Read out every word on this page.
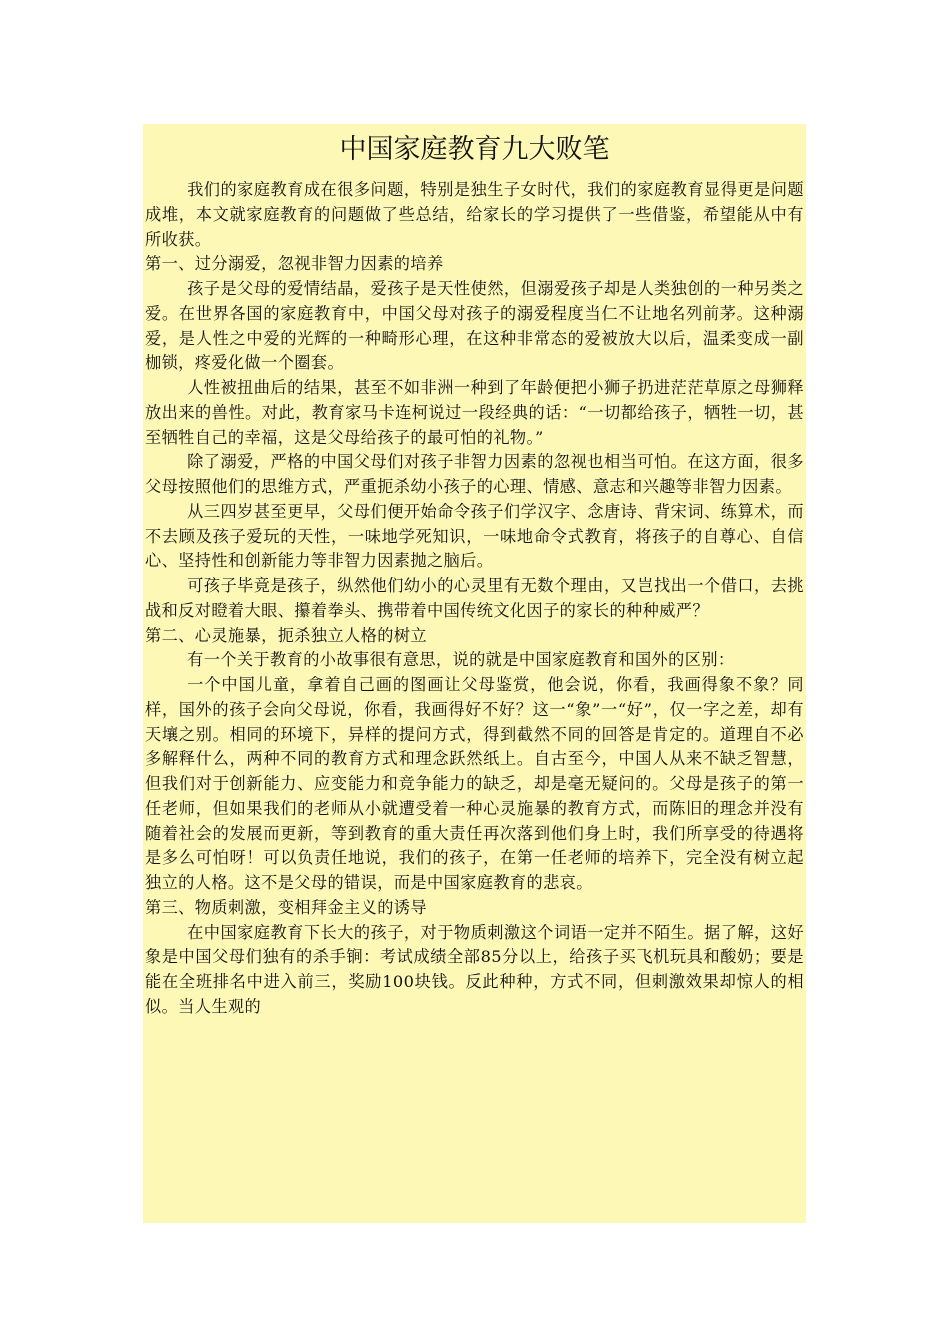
中国家庭教育九大败笔

我们的家庭教育成在很多问题，特别是独生子女时代，我们的家庭教育显得更是问题成堆，本文就家庭教育的问题做了些总结，给家长的学习提供了一些借鉴，希望能从中有所收获。

第一、过分溺爱，忽视非智力因素的培养

孩子是父母的爱情结晶，爱孩子是天性使然，但溺爱孩子却是人类独创的一种另类之爱。在世界各国的家庭教育中，中国父母对孩子的溺爱程度当仁不让地名列前茅。这种溺爱，是人性之中爱的光辉的一种畸形心理，在这种非常态的爱被放大以后，温柔变成一副枷锁，疼爱化做一个圈套。

人性被扭曲后的结果，甚至不如非洲一种到了年龄便把小狮子扔进茫茫草原之母狮释放出来的兽性。对此，教育家马卡连柯说过一段经典的话：“一切都给孩子，牺牲一切，甚至牺牲自己的幸福，这是父母给孩子的最可怕的礼物。”

除了溺爱，严格的中国父母们对孩子非智力因素的忽视也相当可怕。在这方面，很多父母按照他们的思维方式，严重扼杀幼小孩子的心理、情感、意志和兴趣等非智力因素。

从三四岁甚至更早，父母们便开始命令孩子们学汉字、念唐诗、背宋词、练算术，而不去顾及孩子爱玩的天性，一味地学死知识，一味地命令式教育，将孩子的自尊心、自信心、坚持性和创新能力等非智力因素抛之脑后。

可孩子毕竟是孩子，纵然他们幼小的心灵里有无数个理由，又岂找出一个借口，去挑战和反对瞪着大眼、攥着拳头、携带着中国传统文化因子的家长的种种威严？

第二、心灵施暴，扼杀独立人格的树立

有一个关于教育的小故事很有意思，说的就是中国家庭教育和国外的区别：

一个中国儿童，拿着自己画的图画让父母鉴赏，他会说，你看，我画得象不象？同样，国外的孩子会向父母说，你看，我画得好不好？这一“象”一“好”，仅一字之差，却有天壤之别。相同的环境下，异样的提问方式，得到截然不同的回答是肯定的。道理自不必多解释什么，两种不同的教育方式和理念跃然纸上。自古至今，中国人从来不缺乏智慧，但我们对于创新能力、应变能力和竞争能力的缺乏，却是毫无疑问的。父母是孩子的第一任老师，但如果我们的老师从小就遭受着一种心灵施暴的教育方式，而陈旧的理念并没有随着社会的发展而更新，等到教育的重大责任再次落到他们身上时，我们所享受的待遇将是多么可怕呀！可以负责任地说，我们的孩子，在第一任老师的培养下，完全没有树立起独立的人格。这不是父母的错误，而是中国家庭教育的悲哀。

第三、物质刺激，变相拜金主义的诱导

在中国家庭教育下长大的孩子，对于物质刺激这个词语一定并不陌生。据了解，这好象是中国父母们独有的杀手锏：考试成绩全部85分以上，给孩子买飞机玩具和酸奶；要是能在全班排名中进入前三，奖励100块钱。反此种种，方式不同，但刺激效果却惊人的相似。当人生观的
